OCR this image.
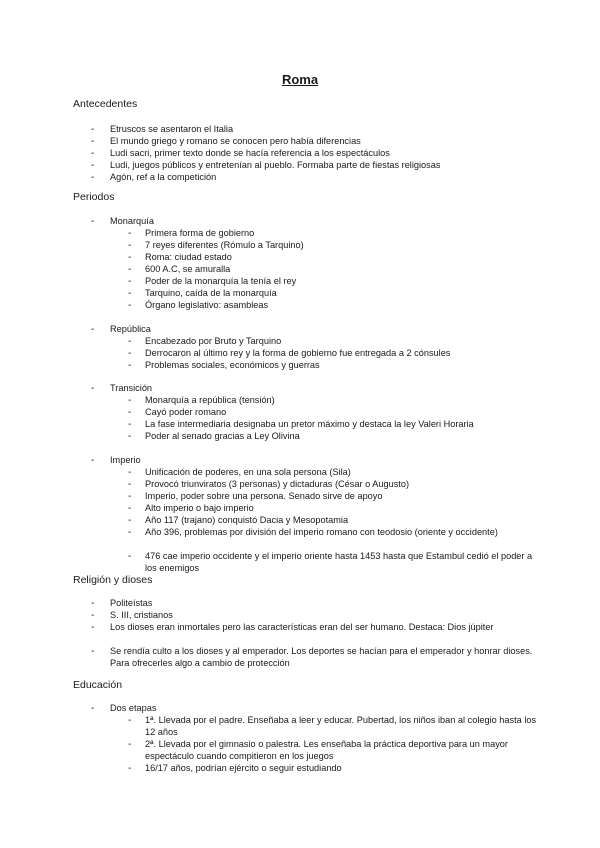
Roma
Antecedentes
- Etruscos se asentaron el Italia
- El mundo griego y romano se conocen pero había diferencias
- Ludi sacri, primer texto donde se hacía referencia a los espectáculos
- Ludi, juegos públicos y entretenían al pueblo. Formaba parte de fiestas religiosas
- Agón, ref a la competición
Periodos
- Monarquía
- Primera forma de gobierno
- 7 reyes diferentes (Rómulo a Tarquino)
- Roma: ciudad estado
- 600 A.C, se amuralla
- Poder de la monarquía la tenía el rey
- Tarquino, caída de la monarquía
- Órgano legislativo: asambleas
- República
- Encabezado por Bruto y Tarquino
- Derrocaron al último rey y la forma de gobierno fue entregada a 2 cónsules
- Problemas sociales, económicos y guerras
- Transición
- Monarquía a república (tensión)
- Cayó poder romano
- La fase intermediaria designaba un pretor máximo y destaca la ley Valeri Horaria
- Poder al senado gracias a Ley Olivina
- Imperio
- Unificación de poderes, en una sola persona (Sila)
- Provocó triunviratos (3 personas) y dictaduras (César o Augusto)
- Imperio, poder sobre una persona. Senado sirve de apoyo
- Alto imperio o bajo imperio
- Año 117 (trajano) conquistó Dacia y Mesopotamia
- Año 396, problemas por división del imperio romano con teodosio (oriente y occidente)
- 476 cae imperio occidente y el imperio oriente hasta 1453 hasta que Estambul cedió el poder a los enemigos
Religión y dioses
- Politeístas
- S. III, cristianos
- Los dioses eran inmortales pero las características eran del ser humano. Destaca: Dios júpiter
- Se rendía culto a los dioses y al emperador. Los deportes se hacían para el emperador y honrar dioses. Para ofrecerles algo a cambio de protección
Educación
- Dos etapas
- 1ª. Llevada por el padre. Enseñaba a leer y educar. Pubertad, los niños iban al colegio hasta los 12 años
- 2ª. Llevada por el gimnasio o palestra. Les enseñaba la práctica deportiva para un mayor espectáculo cuando compitieron en los juegos
- 16/17 años, podrían ejército o seguir estudiando
